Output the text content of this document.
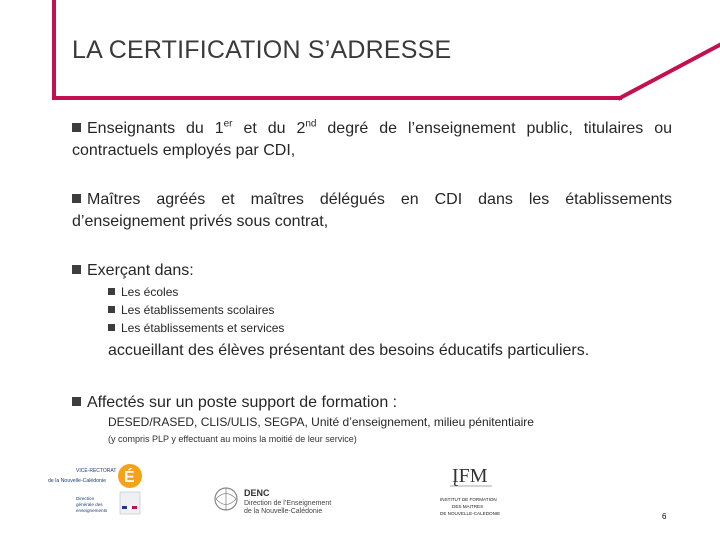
LA CERTIFICATION S’ADRESSE
Enseignants du 1er et du 2nd degré de l’enseignement public, titulaires ou contractuels employés par CDI,
Maîtres agréés et maîtres délégués en CDI dans les établissements d’enseignement privés sous contrat,
Exerçant dans:
Les écoles
Les établissements scolaires
Les établissements et services
accueillant des élèves présentant des besoins éducatifs particuliers.
Affectés sur un poste support de formation :
DESED/RASED, CLIS/ULIS, SEGPA, Unité d’enseignement, milieu pénitentiaire
(y compris PLP y effectuant au moins la moitié de leur service)
VICE-RECTORAT
de la Nouvelle-Calédonie
Direction
générale des
enseignements
É
DENC
Direction de l’Enseignement
de la Nouvelle-Calédonie
ĮFM
INSTITUT DE FORMATION
DES MAITRES
DE NOUVELLE-CALEDONIE	6
